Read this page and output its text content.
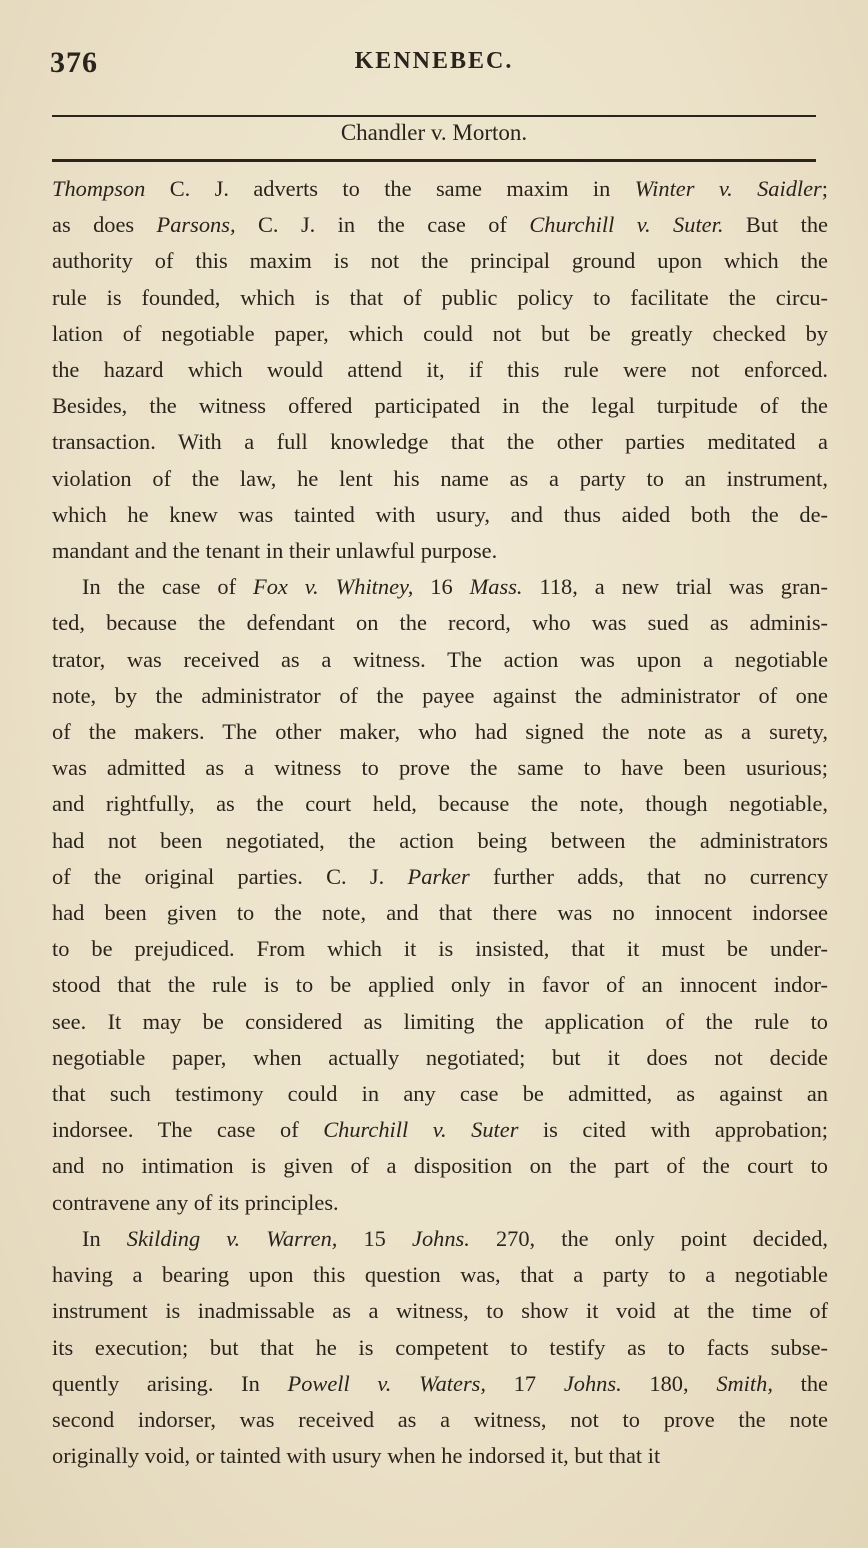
376	KENNEBEC.
Chandler v. Morton.
Thompson C. J. adverts to the same maxim in Winter v. Saidler;
as does Parsons, C. J. in the case of Churchill v. Suter. But the
authority of this maxim is not the principal ground upon which the
rule is founded, which is that of public policy to facilitate the circu-
lation of negotiable paper, which could not but be greatly checked by
the hazard which would attend it, if this rule were not enforced.
Besides, the witness offered participated in the legal turpitude of the
transaction. With a full knowledge that the other parties meditated a
violation of the law, he lent his name as a party to an instrument,
which he knew was tainted with usury, and thus aided both the de-
mandant and the tenant in their unlawful purpose.
In the case of Fox v. Whitney, 16 Mass. 118, a new trial was gran-
ted, because the defendant on the record, who was sued as adminis-
trator, was received as a witness. The action was upon a negotiable
note, by the administrator of the payee against the administrator of one
of the makers. The other maker, who had signed the note as a surety,
was admitted as a witness to prove the same to have been usurious;
and rightfully, as the court held, because the note, though negotiable,
had not been negotiated, the action being between the administrators
of the original parties. C. J. Parker further adds, that no currency
had been given to the note, and that there was no innocent indorsee
to be prejudiced. From which it is insisted, that it must be under-
stood that the rule is to be applied only in favor of an innocent indor-
see. It may be considered as limiting the application of the rule to
negotiable paper, when actually negotiated; but it does not decide
that such testimony could in any case be admitted, as against an
indorsee. The case of Churchill v. Suter is cited with approbation;
and no intimation is given of a disposition on the part of the court to
contravene any of its principles.
In Skilding v. Warren, 15 Johns. 270, the only point decided,
having a bearing upon this question was, that a party to a negotiable
instrument is inadmissable as a witness, to show it void at the time of
its execution; but that he is competent to testify as to facts subse-
quently arising. In Powell v. Waters, 17 Johns. 180, Smith, the
second indorser, was received as a witness, not to prove the note
originally void, or tainted with usury when he indorsed it, but that it
